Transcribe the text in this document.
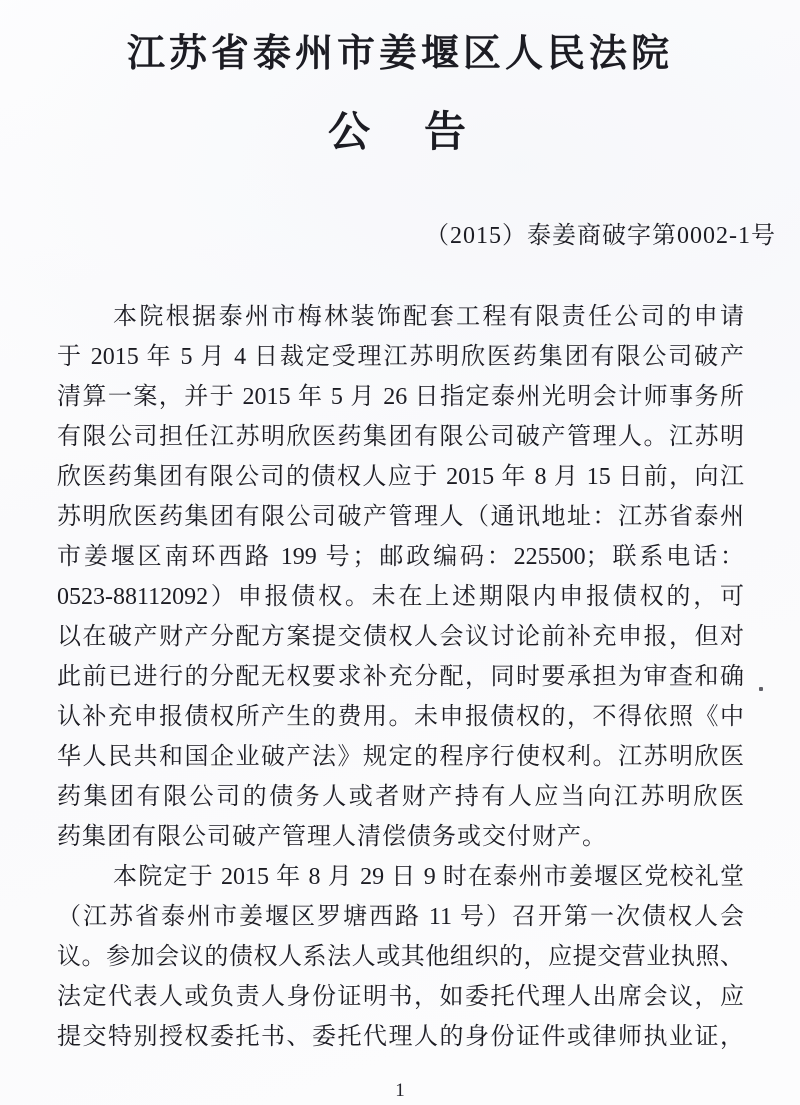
江苏省泰州市姜堰区人民法院
公　告
（2015）泰姜商破字第0002-1号
本院根据泰州市梅林装饰配套工程有限责任公司的申请
于 2015 年 5 月 4 日裁定受理江苏明欣医药集团有限公司破产
清算一案，并于 2015 年 5 月 26 日指定泰州光明会计师事务所
有限公司担任江苏明欣医药集团有限公司破产管理人。江苏明
欣医药集团有限公司的债权人应于 2015 年 8 月 15 日前，向江
苏明欣医药集团有限公司破产管理人（通讯地址：江苏省泰州
市姜堰区南环西路 199 号；邮政编码：225500；联系电话：
0523-88112092）申报债权。未在上述期限内申报债权的，可
以在破产财产分配方案提交债权人会议讨论前补充申报，但对
此前已进行的分配无权要求补充分配，同时要承担为审查和确
认补充申报债权所产生的费用。未申报债权的，不得依照《中
华人民共和国企业破产法》规定的程序行使权利。江苏明欣医
药集团有限公司的债务人或者财产持有人应当向江苏明欣医
药集团有限公司破产管理人清偿债务或交付财产。
本院定于 2015 年 8 月 29 日 9 时在泰州市姜堰区党校礼堂
（江苏省泰州市姜堰区罗塘西路 11 号）召开第一次债权人会
议。参加会议的债权人系法人或其他组织的，应提交营业执照、
法定代表人或负责人身份证明书，如委托代理人出席会议，应
提交特别授权委托书、委托代理人的身份证件或律师执业证，
1
